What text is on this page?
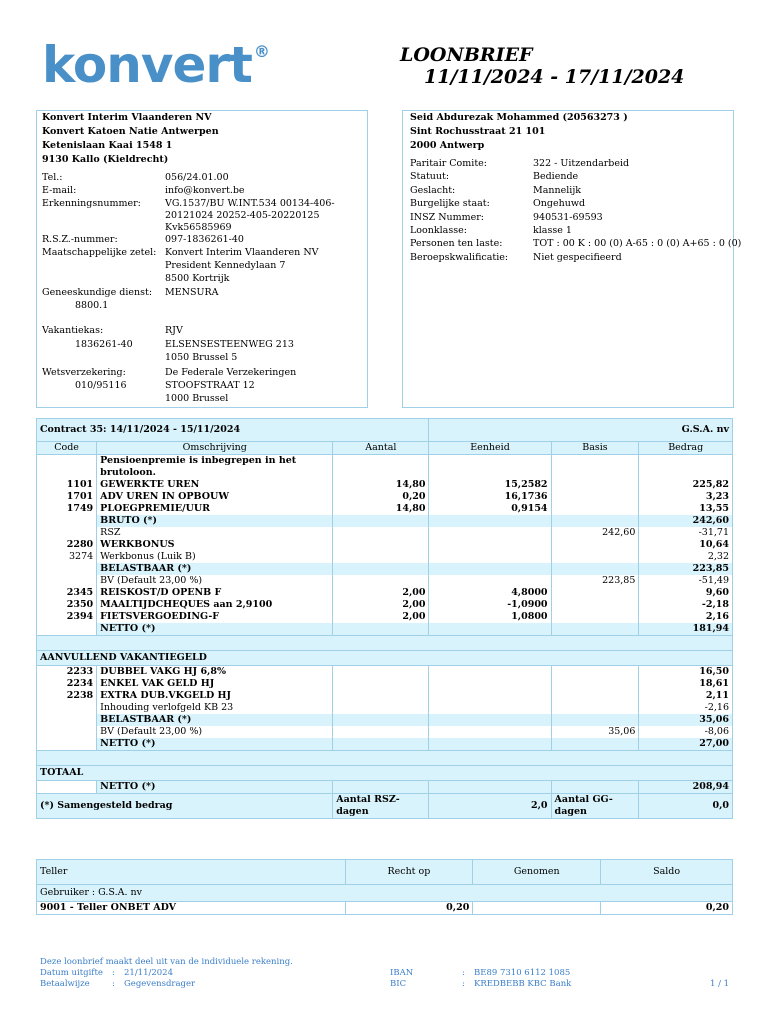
konvert ®	LOONBRIEF 11/11/2024 - 17/11/2024
Konvert Interim Vlaanderen NV
Konvert Katoen Natie Antwerpen
Ketenislaan Kaai 1548 1
9130 Kallo (Kieldrecht)
Tel.:	056/24.01.00
E-mail:	info@konvert.be
Erkenningsnummer:	VG.1537/BU W.INT.534 00134-406-
20121024 20252-405-20220125
Kvk56585969
R.S.Z.-nummer:	097-1836261-40
Maatschappelijke zetel: Konvert Interim Vlaanderen NV
President Kennedylaan 7
8500 Kortrijk
Geneeskundige dienst: MENSURA
8800.1
Vakantiekas:	RJV
1836261-40	ELSENSESTEENWEG 213
1050 Brussel 5
Wetsverzekering:	De Federale Verzekeringen
010/95116	STOOFSTRAAT 12
1000 Brussel
Seid Abdurezak Mohammed (20563273 )
Sint Rochusstraat 21 101
2000 Antwerp
Paritair Comite:	322 - Uitzendarbeid
Statuut:	Bediende
Geslacht:	Mannelijk
Burgelijke staat:	Ongehuwd
INSZ Nummer:	940531-69593
Loonklasse:	klasse 1
Personen ten laste:	TOT : 00 K : 00 (0) A-65 : 0 (0) A+65 : 0 (0)
Beroepskwalificatie:	Niet gespecifieerd
Contract 35: 14/11/2024 - 15/11/2024			G.S.A. nv		
Code	Omschrijving	Aantal	Eenheid	Basis	Bedrag
	Pensioenpremie is inbegrepen in het brutoloon.				
1101	GEWERKTE UREN	14,80	15,2582		225,82
1701	ADV UREN IN OPBOUW	0,20	16,1736		3,23
1749	PLOEGPREMIE/UUR	14,80	0,9154		13,55
	BRUTO (*)				242,60
	RSZ			242,60	-31,71
2280	WERKBONUS				10,64
3274	Werkbonus (Luik B)				2,32
	BELASTBAAR (*)				223,85
	BV (Default 23,00 %)			223,85	-51,49
2345	REISKOST/D OPENB F	2,00	4,8000		9,60
2350	MAALTIJDCHEQUES aan 2,9100	2,00	-1,0900		-2,18
2394	FIETSVERGOEDING-F	2,00	1,0800		2,16
	NETTO (*)				181,94

AANVULLEND VAKANTIEGELD					
2233	DUBBEL VAKG HJ 6,8%				16,50
2234	ENKEL VAK GELD HJ				18,61
2238	EXTRA DUB.VKGELD HJ				2,11
	Inhouding verlofgeld KB 23				-2,16
	BELASTBAAR (*)				35,06
	BV (Default 23,00 %)			35,06	-8,06
	NETTO (*)				27,00

TOTAAL					
	NETTO (*)				208,94
(*) Samengesteld bedrag		Aantal RSZ-dagen	2,0	Aantal GG-dagen	0,0
Teller	Recht op	Genomen	Saldo
Gebruiker : G.S.A. nv			
9001 - Teller ONBET ADV	0,20		0,20
Deze loonbrief maakt deel uit van de individuele rekening.
Datum uitgifte : 21/11/2024
Betaalwijze	: Gegevensdrager
IBAN	: BE89 7310 6112 1085
BIC	: KREDBEBB KBC Bank	1 / 1
